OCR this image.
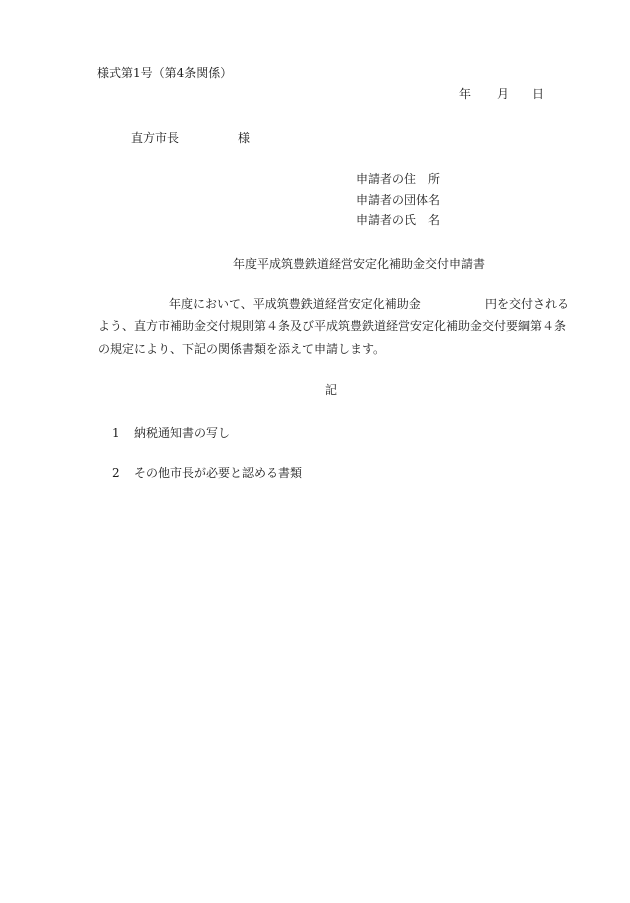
様式第1号（第4条関係）
年 月 日
直方市長	様
申請者の住　所
申請者の団体名
申請者の氏　名
年度平成筑豊鉄道経営安定化補助金交付申請書
年度において、平成筑豊鉄道経営安定化補助金	円を交付される
よう、直方市補助金交付規則第４条及び平成筑豊鉄道経営安定化補助金交付要綱第４条
の規定により、下記の関係書類を添えて申請します。
記
1 納税通知書の写し
2 その他市長が必要と認める書類
